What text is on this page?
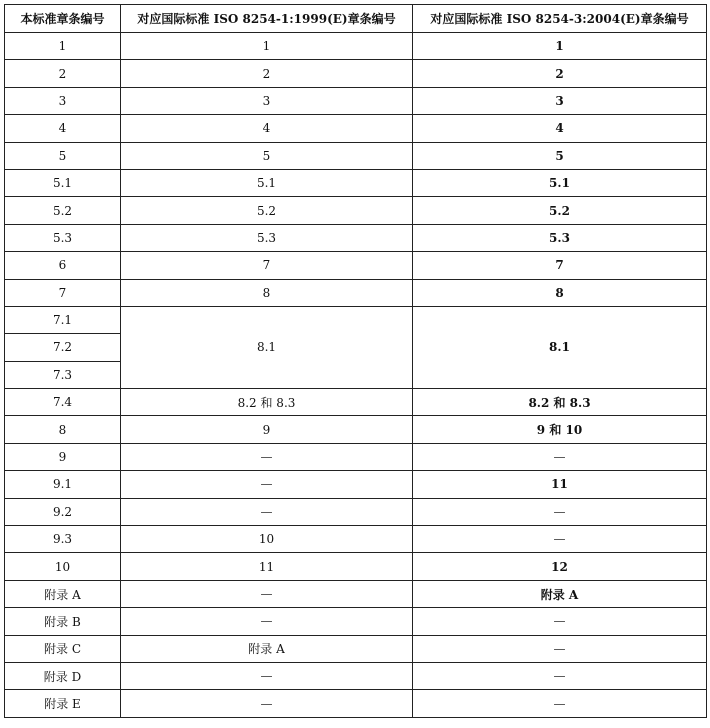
本标准章条编号	对应国际标准 ISO 8254-1:1999(E)章条编号	对应国际标准 ISO 8254-3:2004(E)章条编号
1	1	1
2	2	2
3	3	3
4	4	4
5	5	5
5.1	5.1	5.1
5.2	5.2	5.2
5.3	5.3	5.3
6	7	7
7	8	8
7.1	8.1	8.1
7.2		
7.3		
7.4	8.2 和 8.3	8.2 和 8.3
8	9	9 和 10
9	—	—
9.1	—	11
9.2	—	—
9.3	10	—
10	11	12
附录 A	—	附录 A
附录 B	—	—
附录 C	附录 A	—
附录 D	—	—
附录 E	—	—
